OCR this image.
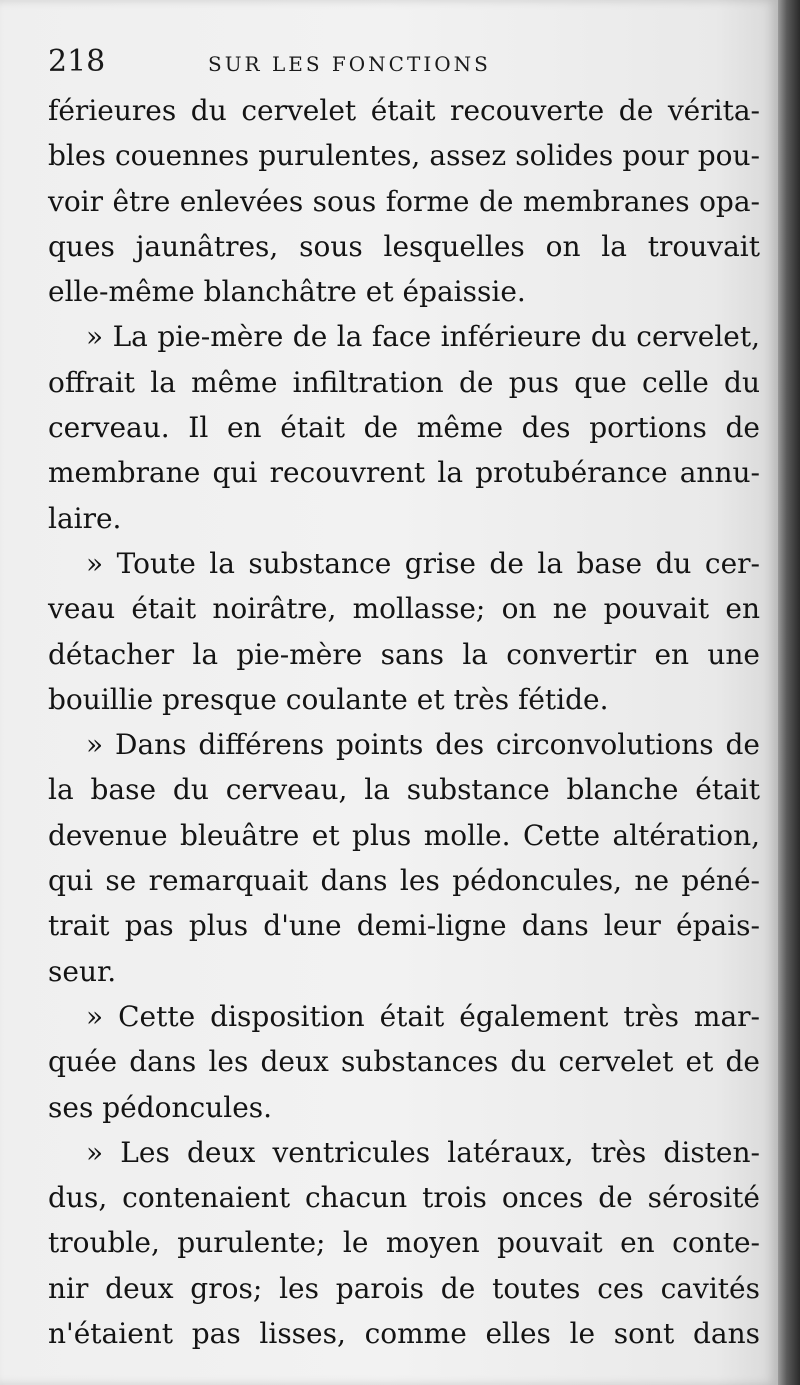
218	SUR LES FONCTIONS
férieures du cervelet était recouverte de vérita-
bles couennes purulentes, assez solides pour pou-
voir être enlevées sous forme de membranes opa-
ques jaunâtres, sous lesquelles on la trouvait
elle-même blanchâtre et épaissie.
» La pie-mère de la face inférieure du cervelet,
offrait la même infiltration de pus que celle du
cerveau. Il en était de même des portions de
membrane qui recouvrent la protubérance annu-
laire.
» Toute la substance grise de la base du cer-
veau était noirâtre, mollasse; on ne pouvait en
détacher la pie-mère sans la convertir en une
bouillie presque coulante et très fétide.
» Dans différens points des circonvolutions de
la base du cerveau, la substance blanche était
devenue bleuâtre et plus molle. Cette altération,
qui se remarquait dans les pédoncules, ne péné-
trait pas plus d'une demi-ligne dans leur épais-
seur.
» Cette disposition était également très mar-
quée dans les deux substances du cervelet et de
ses pédoncules.
» Les deux ventricules latéraux, très disten-
dus, contenaient chacun trois onces de sérosité
trouble, purulente; le moyen pouvait en conte-
nir deux gros; les parois de toutes ces cavités
n'étaient pas lisses, comme elles le sont dans
